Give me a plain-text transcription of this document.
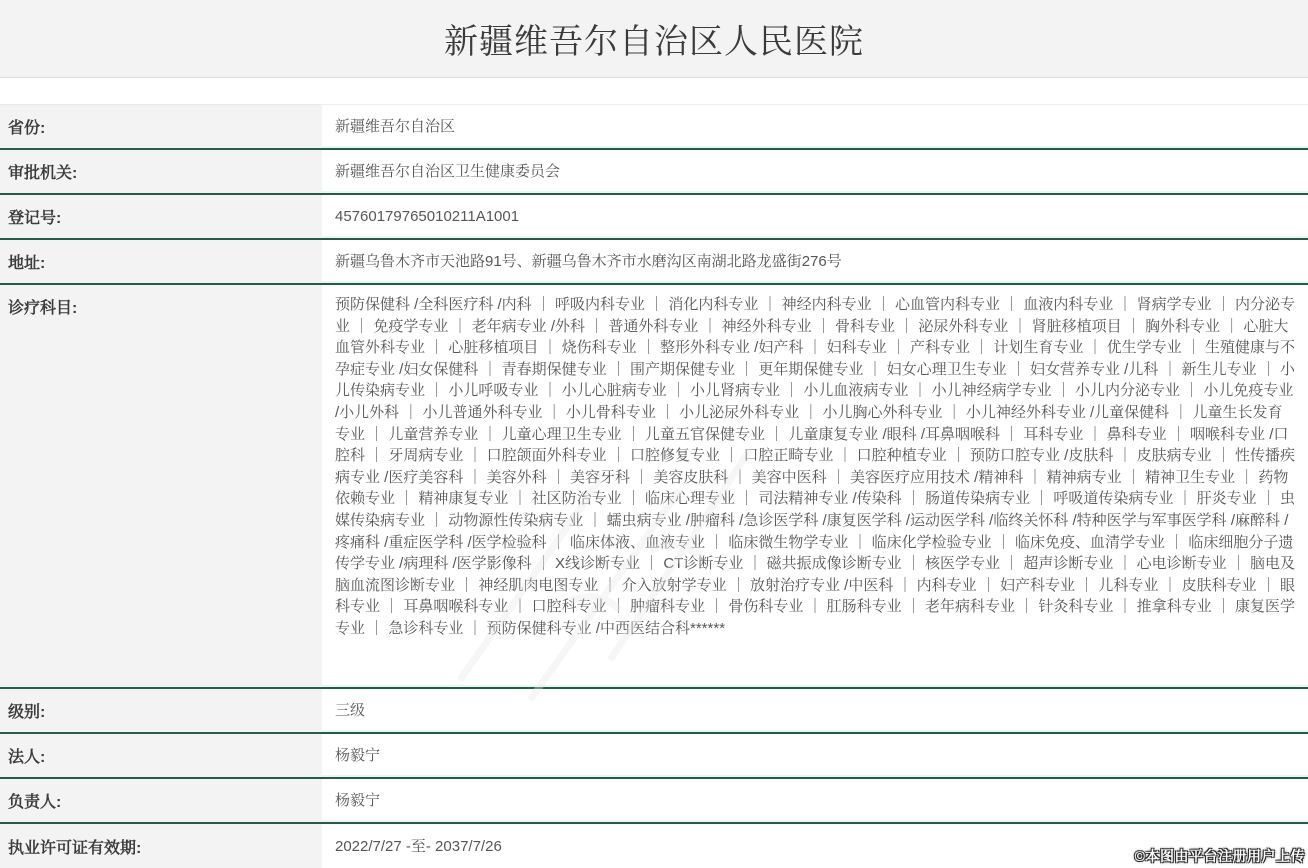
新疆维吾尔自治区人民医院
省份:	新疆维吾尔自治区
审批机关:	新疆维吾尔自治区卫生健康委员会
登记号:	45760179765010211A1001
地址:	新疆乌鲁木齐市天池路91号、新疆乌鲁木齐市水磨沟区南湖北路龙盛街276号
诊疗科目:	预防保健科 /全科医疗科 /内科 ｜ 呼吸内科专业 ｜ 消化内科专业 ｜ 神经内科专业 ｜ 心血管内科专业 ｜ 血液内科专业 ｜ 肾病学专业 ｜ 内分泌专业 ｜ 免疫学专业 ｜ 老年病专业 /外科 ｜ 普通外科专业 ｜ 神经外科专业 ｜ 骨科专业 ｜ 泌尿外科专业 ｜ 肾脏移植项目 ｜ 胸外科专业 ｜ 心脏大血管外科专业 ｜ 心脏移植项目 ｜ 烧伤科专业 ｜ 整形外科专业 /妇产科 ｜ 妇科专业 ｜ 产科专业 ｜ 计划生育专业 ｜ 优生学专业 ｜ 生殖健康与不孕症专业 /妇女保健科 ｜ 青春期保健专业 ｜ 围产期保健专业 ｜ 更年期保健专业 ｜ 妇女心理卫生专业 ｜ 妇女营养专业 /儿科 ｜ 新生儿专业 ｜ 小儿传染病专业 ｜ 小儿呼吸专业 ｜ 小儿心脏病专业 ｜ 小儿肾病专业 ｜ 小儿血液病专业 ｜ 小儿神经病学专业 ｜ 小儿内分泌专业 ｜ 小儿免疫专业 /小儿外科 ｜ 小儿普通外科专业 ｜ 小儿骨科专业 ｜ 小儿泌尿外科专业 ｜ 小儿胸心外科专业 ｜ 小儿神经外科专业 /儿童保健科 ｜ 儿童生长发育专业 ｜ 儿童营养专业 ｜ 儿童心理卫生专业 ｜ 儿童五官保健专业 ｜ 儿童康复专业 /眼科 /耳鼻咽喉科 ｜ 耳科专业 ｜ 鼻科专业 ｜ 咽喉科专业 /口腔科 ｜ 牙周病专业 ｜ 口腔颌面外科专业 ｜ 口腔修复专业 ｜ 口腔正畸专业 ｜ 口腔种植专业 ｜ 预防口腔专业 /皮肤科 ｜ 皮肤病专业 ｜ 性传播疾病专业 /医疗美容科 ｜ 美容外科 ｜ 美容牙科 ｜ 美容皮肤科 ｜ 美容中医科 ｜ 美容医疗应用技术 /精神科 ｜ 精神病专业 ｜ 精神卫生专业 ｜ 药物依赖专业 ｜ 精神康复专业 ｜ 社区防治专业 ｜ 临床心理专业 ｜ 司法精神专业 /传染科 ｜ 肠道传染病专业 ｜ 呼吸道传染病专业 ｜ 肝炎专业 ｜ 虫媒传染病专业 ｜ 动物源性传染病专业 ｜ 蠕虫病专业 /肿瘤科 /急诊医学科 /康复医学科 /运动医学科 /临终关怀科 /特种医学与军事医学科 /麻醉科 /疼痛科 /重症医学科 /医学检验科 ｜ 临床体液、血液专业 ｜ 临床微生物学专业 ｜ 临床化学检验专业 ｜ 临床免疫、血清学专业 ｜ 临床细胞分子遗传学专业 /病理科 /医学影像科 ｜ X线诊断专业 ｜ CT诊断专业 ｜ 磁共振成像诊断专业 ｜ 核医学专业 ｜ 超声诊断专业 ｜ 心电诊断专业 ｜ 脑电及脑血流图诊断专业 ｜ 神经肌肉电图专业 ｜ 介入放射学专业 ｜ 放射治疗专业 /中医科 ｜ 内科专业 ｜ 妇产科专业 ｜ 儿科专业 ｜ 皮肤科专业 ｜ 眼科专业 ｜ 耳鼻咽喉科专业 ｜ 口腔科专业 ｜ 肿瘤科专业 ｜ 骨伤科专业 ｜ 肛肠科专业 ｜ 老年病科专业 ｜ 针灸科专业 ｜ 推拿科专业 ｜ 康复医学专业 ｜ 急诊科专业 ｜ 预防保健科专业 /中西医结合科******
级别:	三级
法人:	杨毅宁
负责人:	杨毅宁
执业许可证有效期:	2022/7/27 -至- 2037/7/26
©本图由平台注册用户上传
